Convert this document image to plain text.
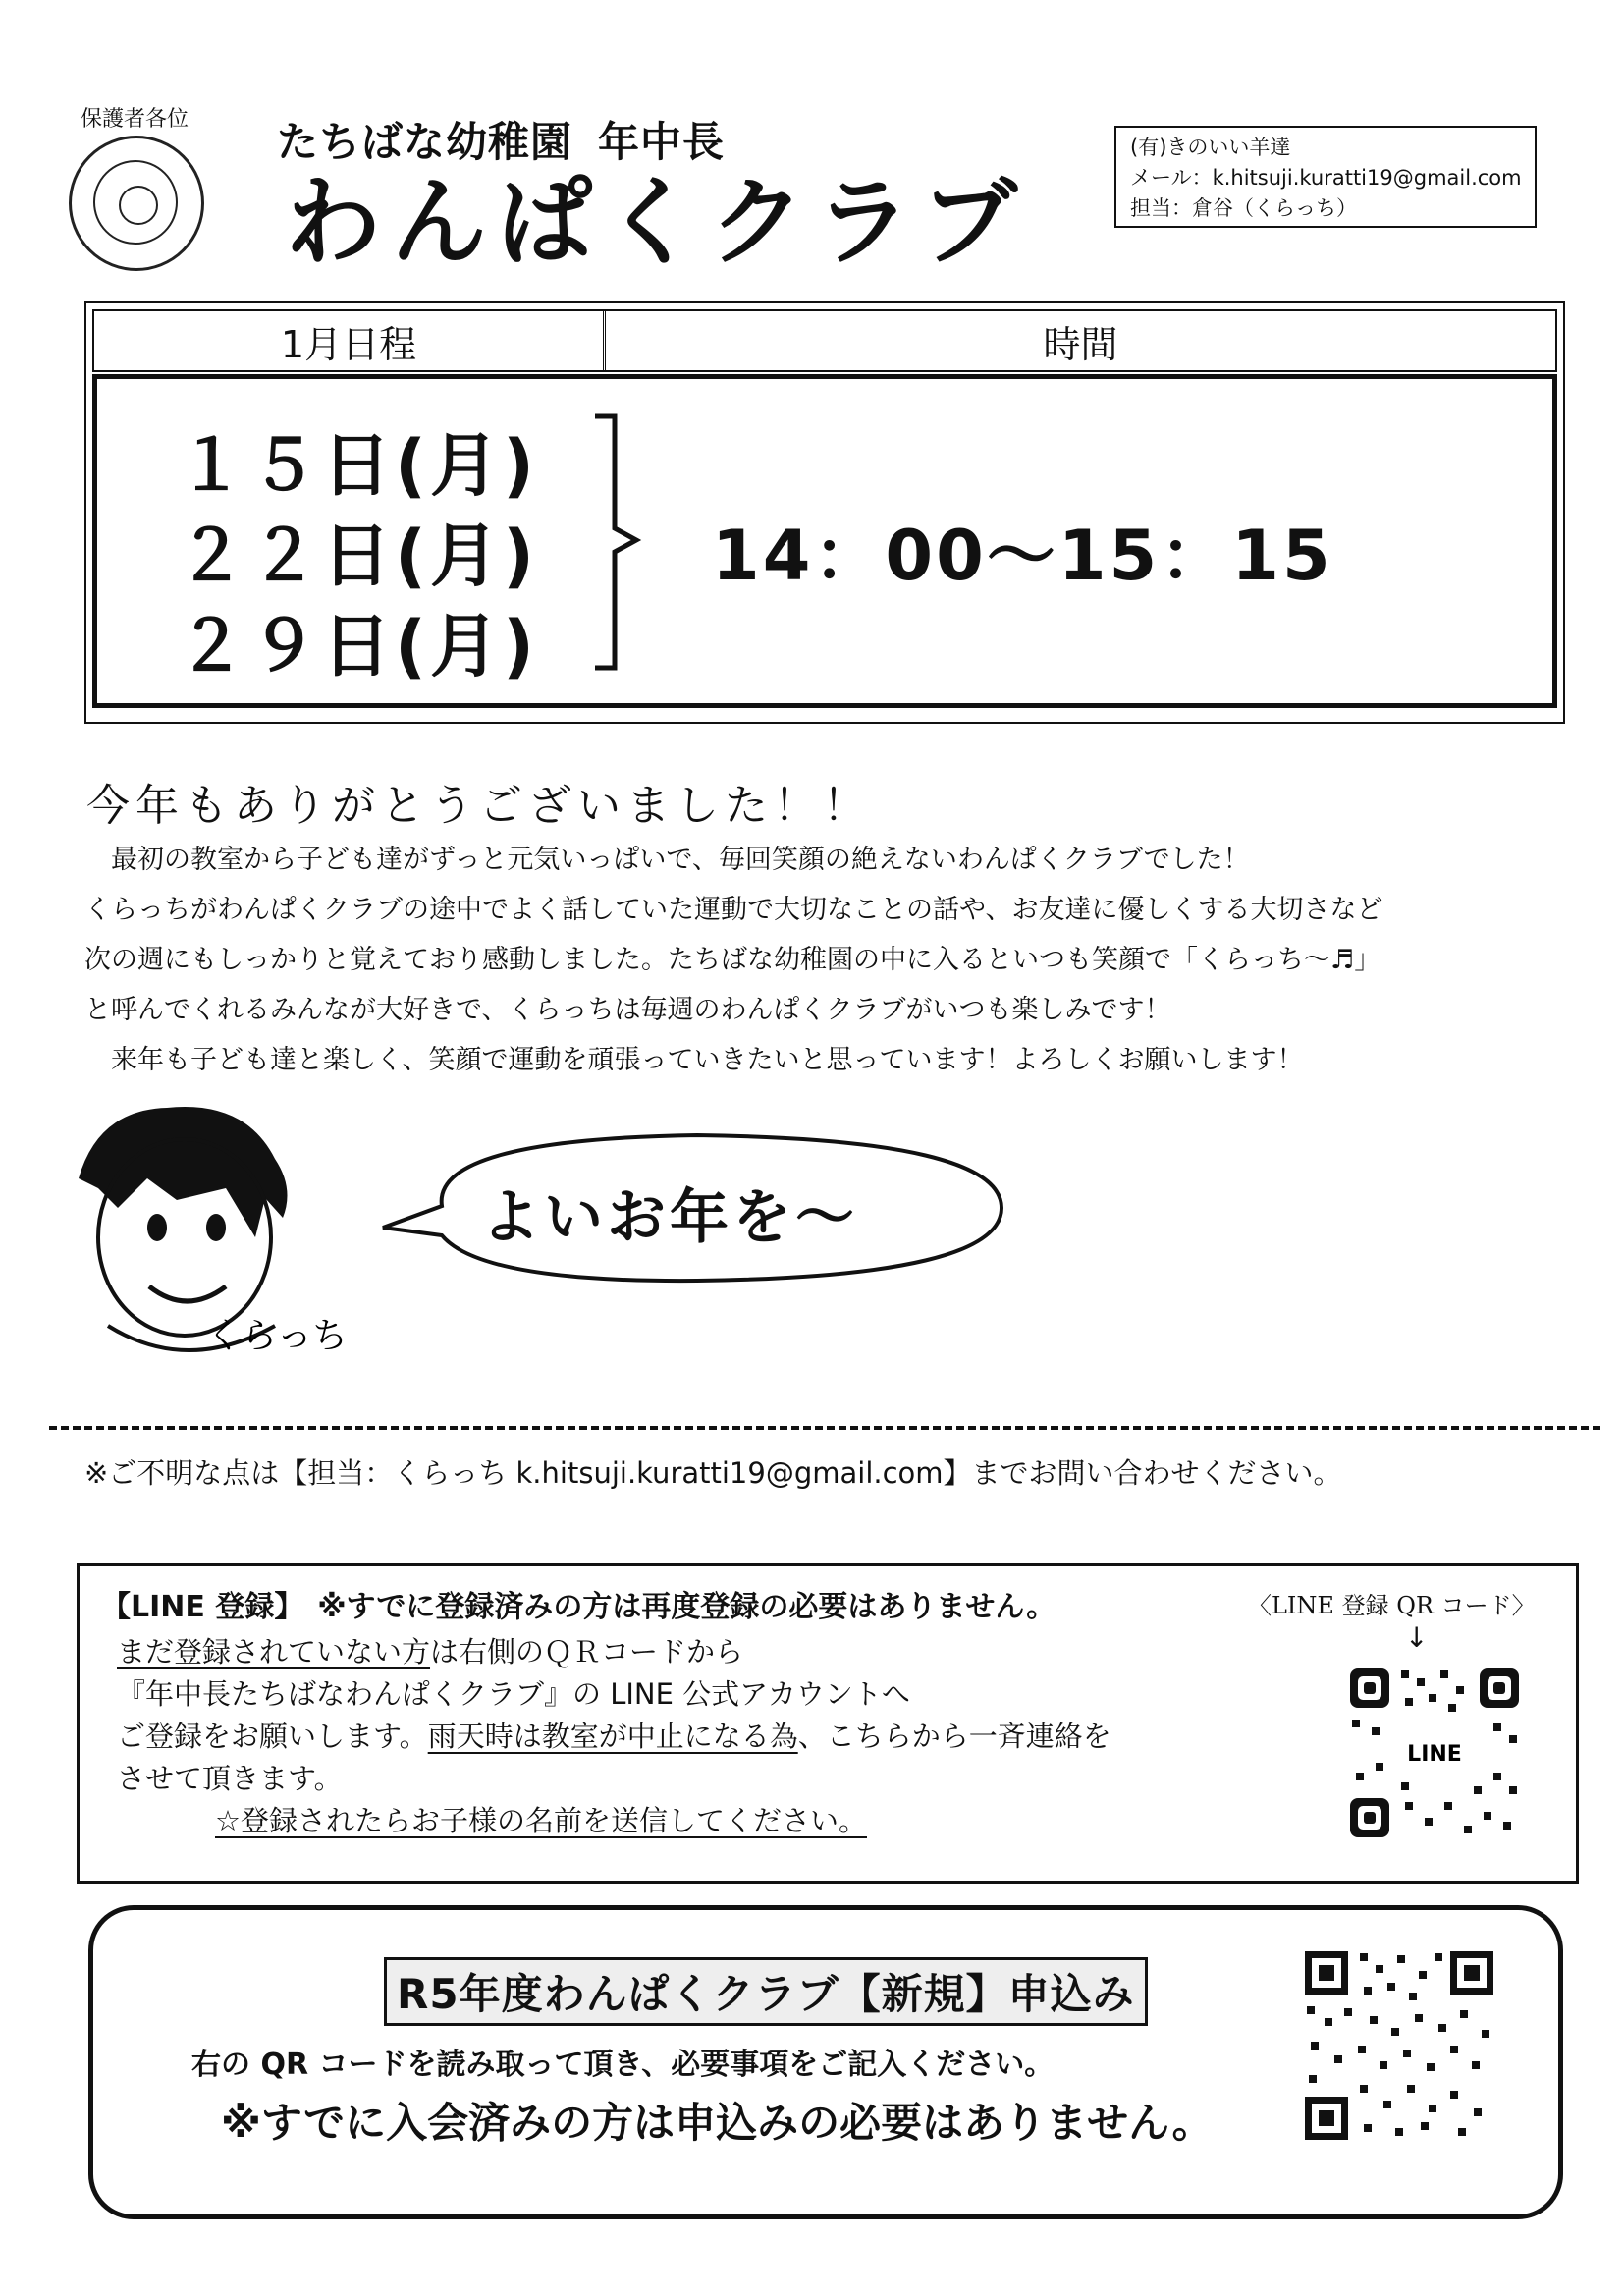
保護者各位 たちばな幼稚園 年中長
わんぱくクラブ
(有)きのいい羊達
メール：k.hitsuji.kuratti19@gmail.com
担当：倉谷（くらっち）
1月日程	時間
１５日(月)
２２日(月)
２９日(月)
14：00〜15：15
今年もありがとうございました！！

　最初の教室から子ども達がずっと元気いっぱいで、毎回笑顔の絶えないわんぱくクラブでした！

くらっちがわんぱくクラブの途中でよく話していた運動で大切なことの話や、お友達に優しくする大切さなど

次の週にもしっかりと覚えており感動しました。たちばな幼稚園の中に入るといつも笑顔で「くらっち〜♬」

と呼んでくれるみんなが大好きで、くらっちは毎週のわんぱくクラブがいつも楽しみです！

　来年も子ども達と楽しく、笑顔で運動を頑張っていきたいと思っています！よろしくお願いします！

くらっち
よいお年を〜
※ご不明な点は【担当：くらっち k.hitsuji.kuratti19@gmail.com】までお問い合わせください。
【LINE 登録】 ※すでに登録済みの方は再度登録の必要はありません。
まだ登録されていない方は右側のＱＲコードから
『年中長たちばなわんぱくクラブ』の LINE 公式アカウントへ
ご登録をお願いします。雨天時は教室が中止になる為、こちらから一斉連絡を
させて頂きます。
☆登録されたらお子様の名前を送信してください。
〈LINE 登録 QR コード〉
↓
LINE
R5年度わんぱくクラブ【新規】申込み
右の QR コードを読み取って頂き、必要事項をご記入ください。
※すでに入会済みの方は申込みの必要はありません。
